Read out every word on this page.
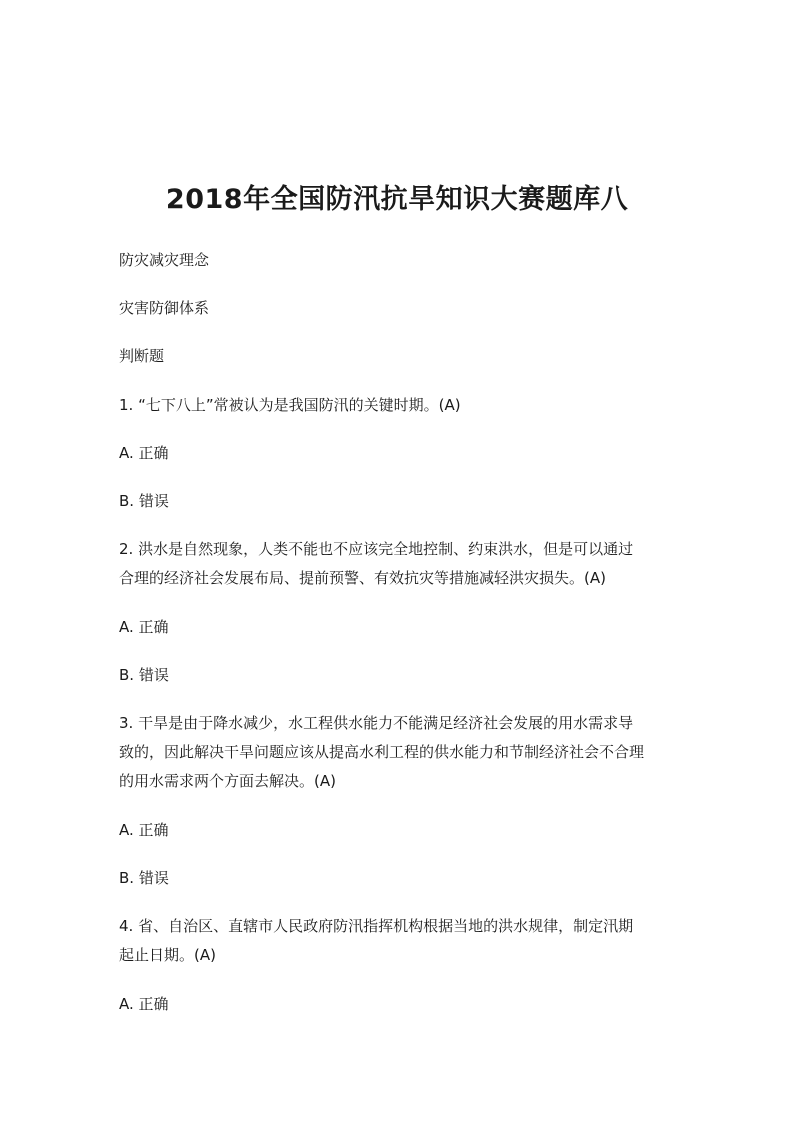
2018年全国防汛抗旱知识大赛题库八

防灾减灾理念

灾害防御体系

判断题

1. “七下八上”常被认为是我国防汛的关键时期。(A)

A. 正确

B. 错误

2. 洪水是自然现象，人类不能也不应该完全地控制、约束洪水，但是可以通过

合理的经济社会发展布局、提前预警、有效抗灾等措施减轻洪灾损失。(A)

A. 正确

B. 错误

3. 干旱是由于降水减少，水工程供水能力不能满足经济社会发展的用水需求导

致的，因此解决干旱问题应该从提高水利工程的供水能力和节制经济社会不合理

的用水需求两个方面去解决。(A)

A. 正确

B. 错误

4. 省、自治区、直辖市人民政府防汛指挥机构根据当地的洪水规律，制定汛期

起止日期。(A)

A. 正确
